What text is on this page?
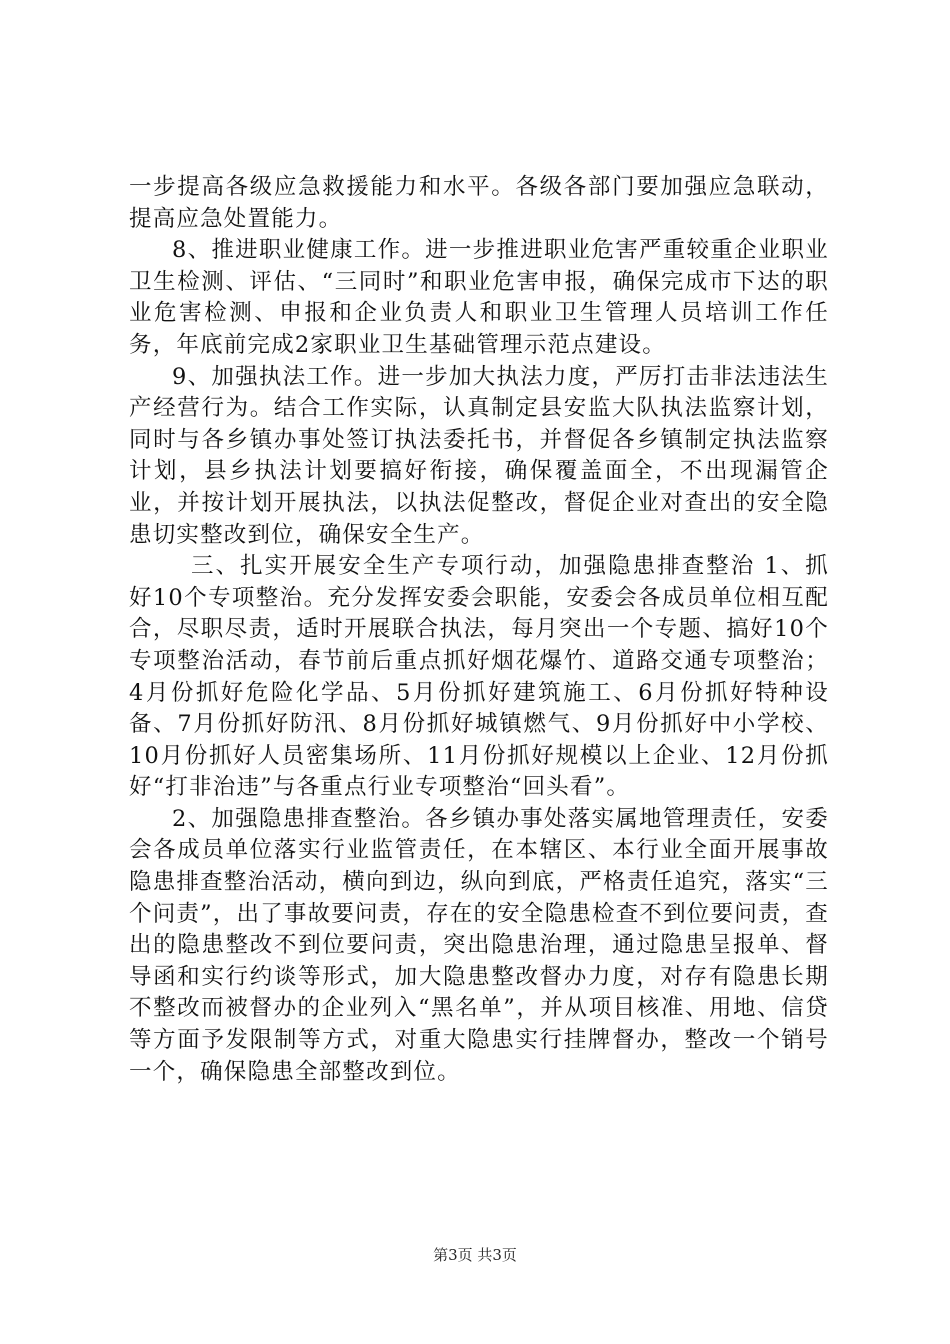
一步提高各级应急救援能力和水平。各级各部门要加强应急联动，提高应急处置能力。

8、推进职业健康工作。进一步推进职业危害严重较重企业职业卫生检测、评估、“三同时”和职业危害申报，确保完成市下达的职业危害检测、申报和企业负责人和职业卫生管理人员培训工作任务，年底前完成2家职业卫生基础管理示范点建设。

9、加强执法工作。进一步加大执法力度，严厉打击非法违法生产经营行为。结合工作实际，认真制定县安监大队执法监察计划，同时与各乡镇办事处签订执法委托书，并督促各乡镇制定执法监察计划，县乡执法计划要搞好衔接，确保覆盖面全，不出现漏管企业，并按计划开展执法，以执法促整改，督促企业对查出的安全隐患切实整改到位，确保安全生产。

三、扎实开展安全生产专项行动，加强隐患排查整治 1、抓好10个专项整治。充分发挥安委会职能，安委会各成员单位相互配合，尽职尽责，适时开展联合执法，每月突出一个专题、搞好10个专项整治活动，春节前后重点抓好烟花爆竹、道路交通专项整治；4月份抓好危险化学品、5月份抓好建筑施工、6月份抓好特种设备、7月份抓好防汛、8月份抓好城镇燃气、9月份抓好中小学校、10月份抓好人员密集场所、11月份抓好规模以上企业、12月份抓好“打非治违”与各重点行业专项整治“回头看”。

2、加强隐患排查整治。各乡镇办事处落实属地管理责任，安委会各成员单位落实行业监管责任，在本辖区、本行业全面开展事故隐患排查整治活动，横向到边，纵向到底，严格责任追究，落实“三个问责”，出了事故要问责，存在的安全隐患检查不到位要问责，查出的隐患整改不到位要问责，突出隐患治理，通过隐患呈报单、督导函和实行约谈等形式，加大隐患整改督办力度，对存有隐患长期不整改而被督办的企业列入“黑名单”，并从项目核准、用地、信贷等方面予发限制等方式，对重大隐患实行挂牌督办，整改一个销号一个，确保隐患全部整改到位。

第3页 共3页
